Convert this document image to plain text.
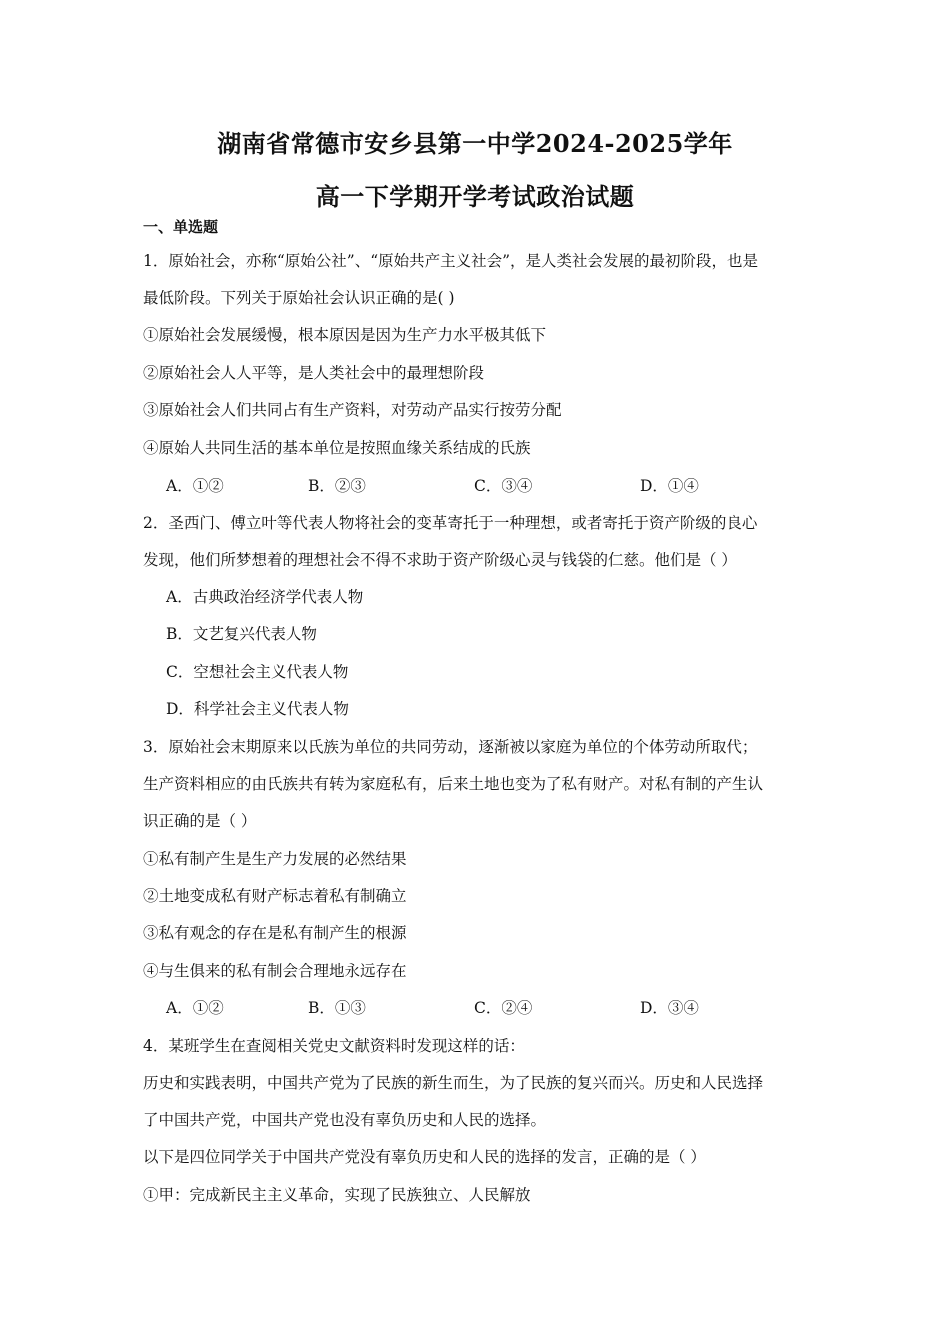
湖南省常德市安乡县第一中学2024-2025学年
高一下学期开学考试政治试题
一、单选题
1．原始社会，亦称“原始公社”、“原始共产主义社会”，是人类社会发展的最初阶段，也是
最低阶段。下列关于原始社会认识正确的是( )
①原始社会发展缓慢，根本原因是因为生产力水平极其低下
②原始社会人人平等，是人类社会中的最理想阶段
③原始社会人们共同占有生产资料，对劳动产品实行按劳分配
④原始人共同生活的基本单位是按照血缘关系结成的氏族
A．①②	B．②③	C．③④	D．①④
2．圣西门、傅立叶等代表人物将社会的变革寄托于一种理想，或者寄托于资产阶级的良心
发现，他们所梦想着的理想社会不得不求助于资产阶级心灵与钱袋的仁慈。他们是（ ）
A．古典政治经济学代表人物
B．文艺复兴代表人物
C．空想社会主义代表人物
D．科学社会主义代表人物
3．原始社会末期原来以氏族为单位的共同劳动，逐渐被以家庭为单位的个体劳动所取代；
生产资料相应的由氏族共有转为家庭私有，后来土地也变为了私有财产。对私有制的产生认
识正确的是（ ）
①私有制产生是生产力发展的必然结果
②土地变成私有财产标志着私有制确立
③私有观念的存在是私有制产生的根源
④与生俱来的私有制会合理地永远存在
A．①②	B．①③	C．②④	D．③④
4．某班学生在查阅相关党史文献资料时发现这样的话：
历史和实践表明，中国共产党为了民族的新生而生，为了民族的复兴而兴。历史和人民选择
了中国共产党，中国共产党也没有辜负历史和人民的选择。
以下是四位同学关于中国共产党没有辜负历史和人民的选择的发言，正确的是（ ）
①甲：完成新民主主义革命，实现了民族独立、人民解放
